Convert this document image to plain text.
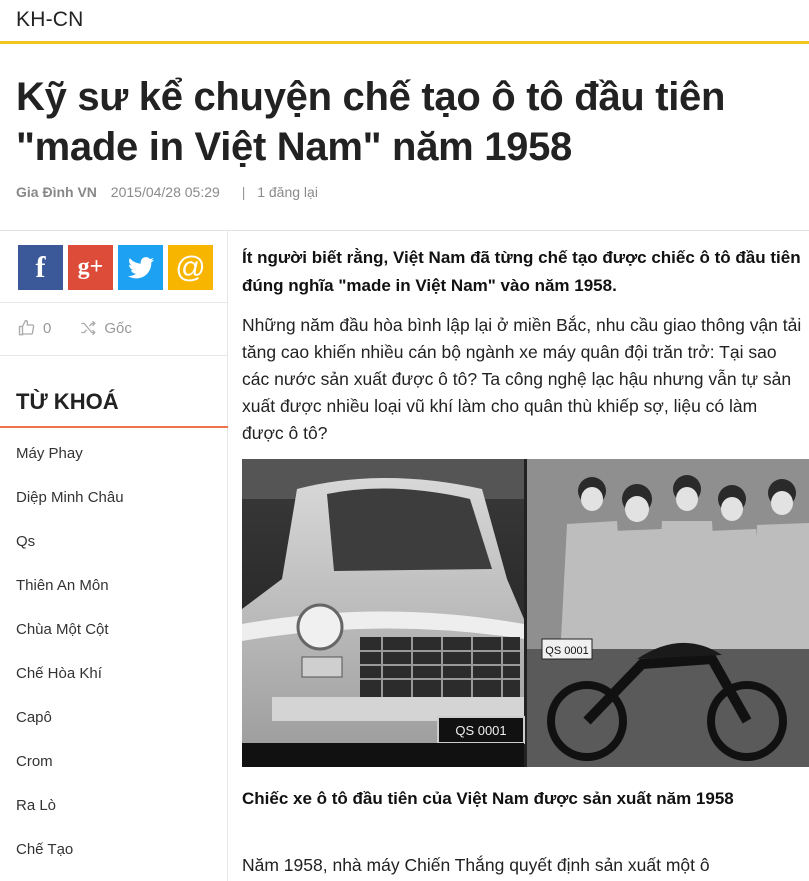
KH-CN
Kỹ sư kể chuyện chế tạo ô tô đầu tiên "made in Việt Nam" năm 1958
Gia Đình VN 2015/04/28 05:29 | 1 đăng lại
f g+ @
0	Gốc
TỪ KHOÁ
Máy Phay
Diệp Minh Châu
Qs
Thiên An Môn
Chùa Một Cột
Chế Hòa Khí
Capô
Crom
Ra Lò
Chế Tạo

Ít người biết rằng, Việt Nam đã từng chế tạo được chiếc ô tô đầu tiên đúng nghĩa "made in Việt Nam" vào năm 1958.

Những năm đầu hòa bình lập lại ở miền Bắc, nhu cầu giao thông vận tải tăng cao khiến nhiều cán bộ ngành xe máy quân đội trăn trở: Tại sao các nước sản xuất được ô tô? Ta công nghệ lạc hậu nhưng vẫn tự sản xuất được nhiều loại vũ khí làm cho quân thù khiếp sợ, liệu có làm được ô tô?

QS 0001
QS 0001

Chiếc xe ô tô đầu tiên của Việt Nam được sản xuất năm 1958

Năm 1958, nhà máy Chiến Thắng quyết định sản xuất một ô
